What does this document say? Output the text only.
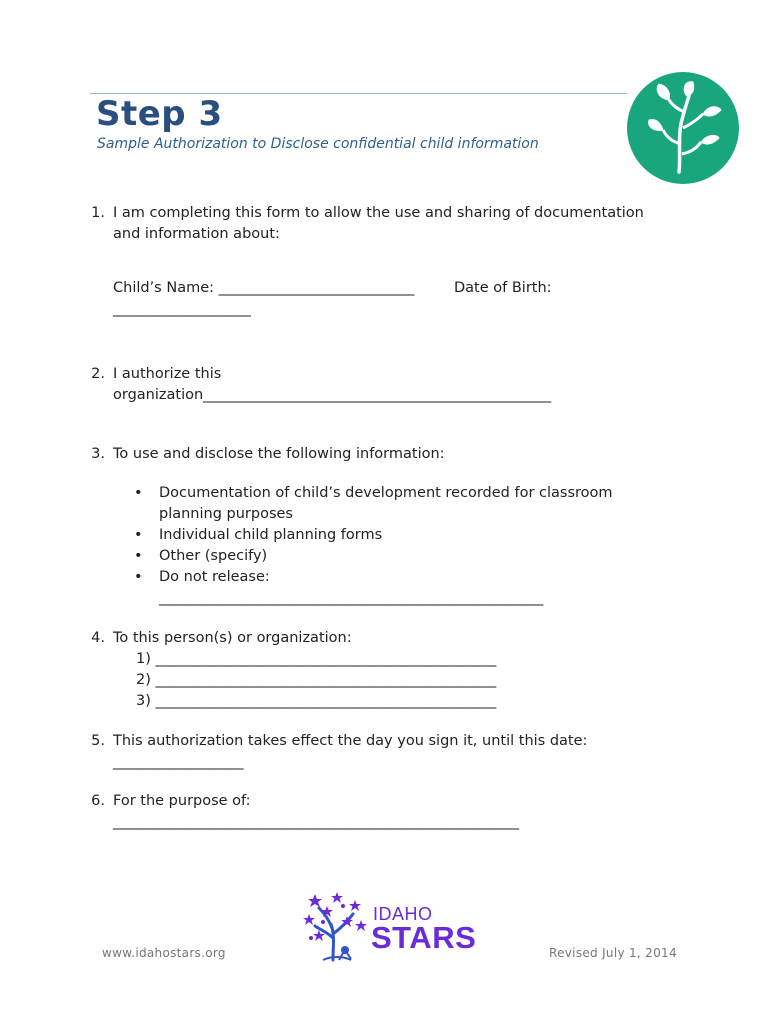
Step 3
Sample Authorization to Disclose confidential child information
1. I am completing this form to allow the use and sharing of documentation
and information about:
Child’s Name: ___________________________	Date of Birth:
___________________
2. I authorize this
organization________________________________________________
3. To use and disclose the following information:
• Documentation of child’s development recorded for classroom
planning purposes
• Individual child planning forms
• Other (specify)
• Do not release:
_____________________________________________________
4. To this person(s) or organization:
1) _______________________________________________
2) _______________________________________________
3) _______________________________________________
5. This authorization takes effect the day you sign it, until this date:
__________________
6. For the purpose of:
________________________________________________________
www.idahostars.org	Revised July 1, 2014
IDAHO
STARS
